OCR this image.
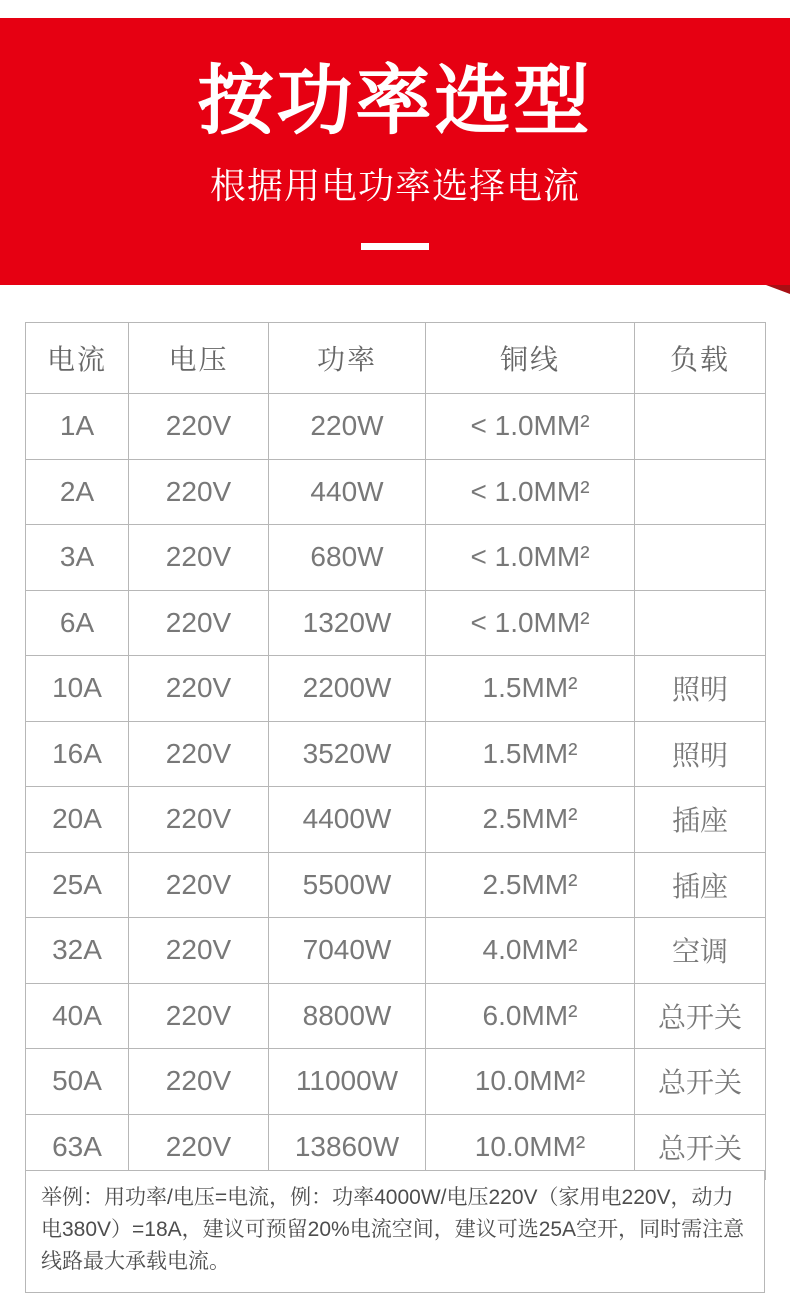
按功率选型
根据用电功率选择电流
电流	电压	功率	铜线	负载
1A	220V	220W	< 1.0MM²	
2A	220V	440W	< 1.0MM²	
3A	220V	680W	< 1.0MM²	
6A	220V	1320W	< 1.0MM²	
10A	220V	2200W	1.5MM²	照明
16A	220V	3520W	1.5MM²	照明
20A	220V	4400W	2.5MM²	插座
25A	220V	5500W	2.5MM²	插座
32A	220V	7040W	4.0MM²	空调
40A	220V	8800W	6.0MM²	总开关
50A	220V	11000W	10.0MM²	总开关
63A	220V	13860W	10.0MM²	总开关
举例：用功率/电压=电流，例：功率4000W/电压220V（家用电220V，动力电380V）=18A，建议可预留20%电流空间，建议可选25A空开，同时需注意线路最大承载电流。
